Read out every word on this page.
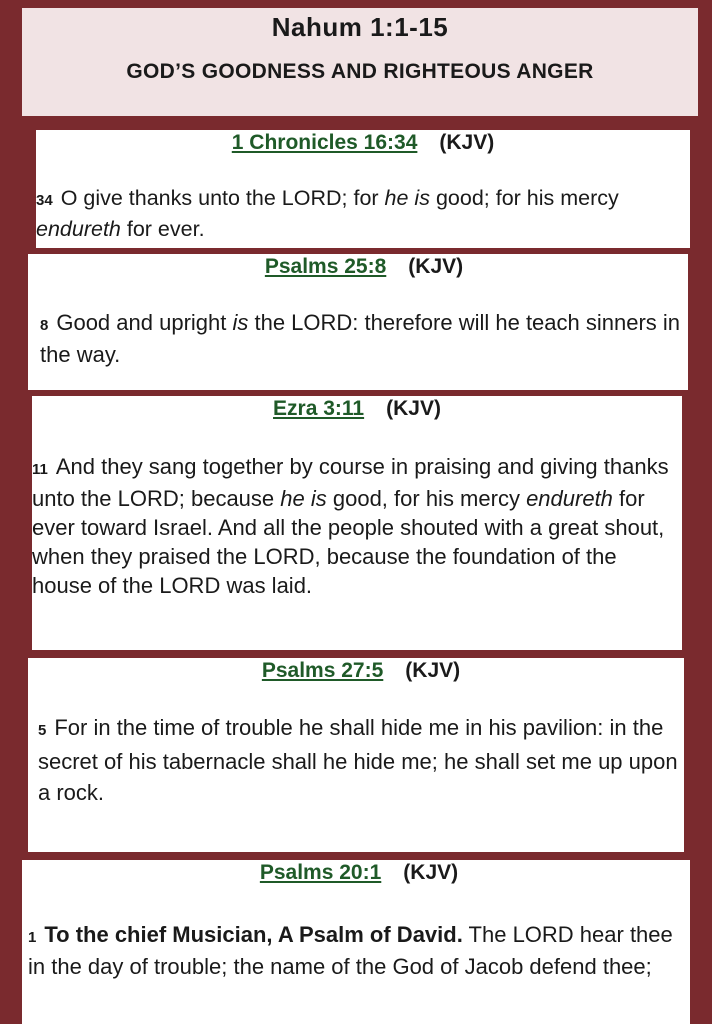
Nahum 1:1-15
GOD’S GOODNESS AND RIGHTEOUS ANGER
1 Chronicles 16:34 (KJV)
34 O give thanks unto the LORD; for he is good; for his mercy endureth for ever.
Psalms 25:8 (KJV)
8 Good and upright is the LORD: therefore will he teach sinners in the way.
Ezra 3:11 (KJV)
11 And they sang together by course in praising and giving thanks unto the LORD; because he is good, for his mercy endureth for ever toward Israel. And all the people shouted with a great shout, when they praised the LORD, because the foundation of the house of the LORD was laid.
Psalms 27:5 (KJV)
5 For in the time of trouble he shall hide me in his pavilion: in the secret of his tabernacle shall he hide me; he shall set me up upon a rock.
Psalms 20:1 (KJV)
1 To the chief Musician, A Psalm of David. The LORD hear thee in the day of trouble; the name of the God of Jacob defend thee;
